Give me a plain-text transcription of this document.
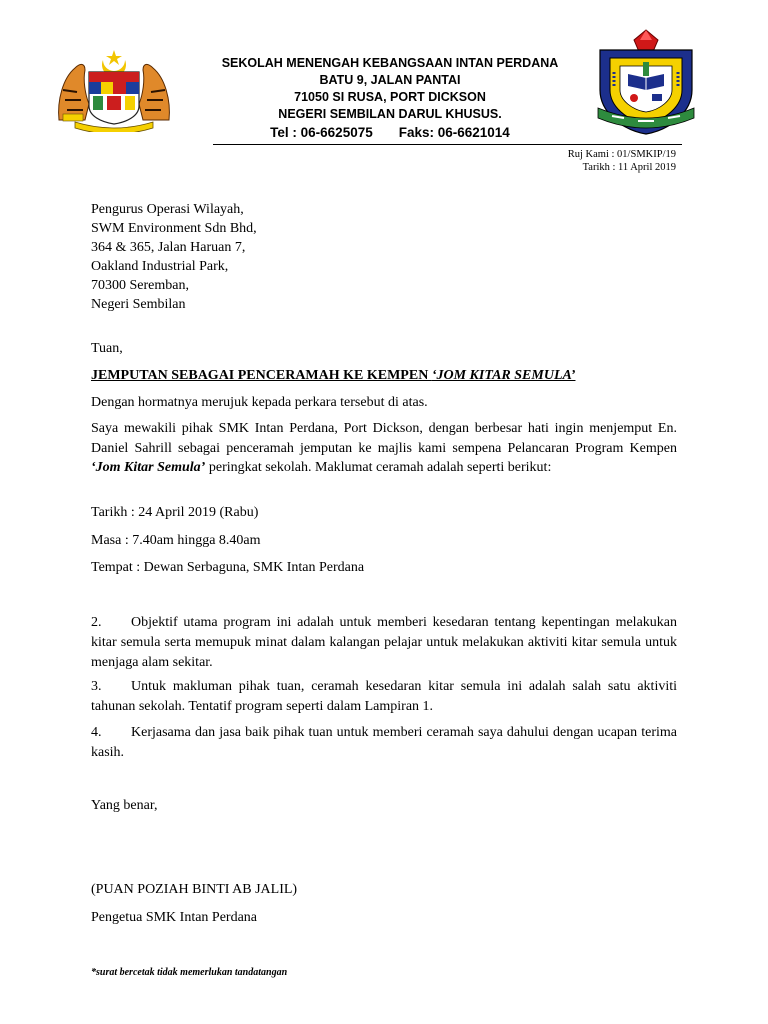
SEKOLAH MENENGAH KEBANGSAAN INTAN PERDANA
BATU 9, JALAN PANTAI
71050 SI RUSA, PORT DICKSON
NEGERI SEMBILAN DARUL KHUSUS.
Tel : 06-6625075 Faks: 06-6621014
Ruj Kami : 01/SMKIP/19
Tarikh : 11 April 2019
Pengurus Operasi Wilayah,
SWM Environment Sdn Bhd,
364 & 365, Jalan Haruan 7,
Oakland Industrial Park,
70300 Seremban,
Negeri Sembilan
Tuan,
JEMPUTAN SEBAGAI PENCERAMAH KE KEMPEN ‘JOM KITAR SEMULA’
Dengan hormatnya merujuk kepada perkara tersebut di atas.
Saya mewakili pihak SMK Intan Perdana, Port Dickson, dengan berbesar hati ingin menjemput En. Daniel Sahrill sebagai penceramah jemputan ke majlis kami sempena Pelancaran Program Kempen ‘Jom Kitar Semula’ peringkat sekolah. Maklumat ceramah adalah seperti berikut:
Tarikh : 24 April 2019 (Rabu)
Masa : 7.40am hingga 8.40am
Tempat : Dewan Serbaguna, SMK Intan Perdana
2. Objektif utama program ini adalah untuk memberi kesedaran tentang kepentingan melakukan kitar semula serta memupuk minat dalam kalangan pelajar untuk melakukan aktiviti kitar semula untuk menjaga alam sekitar.
3. Untuk makluman pihak tuan, ceramah kesedaran kitar semula ini adalah salah satu aktiviti tahunan sekolah. Tentatif program seperti dalam Lampiran 1.
4. Kerjasama dan jasa baik pihak tuan untuk memberi ceramah saya dahului dengan ucapan terima kasih.
Yang benar,
(PUAN POZIAH BINTI AB JALIL)
Pengetua SMK Intan Perdana
*surat bercetak tidak memerlukan tandatangan
